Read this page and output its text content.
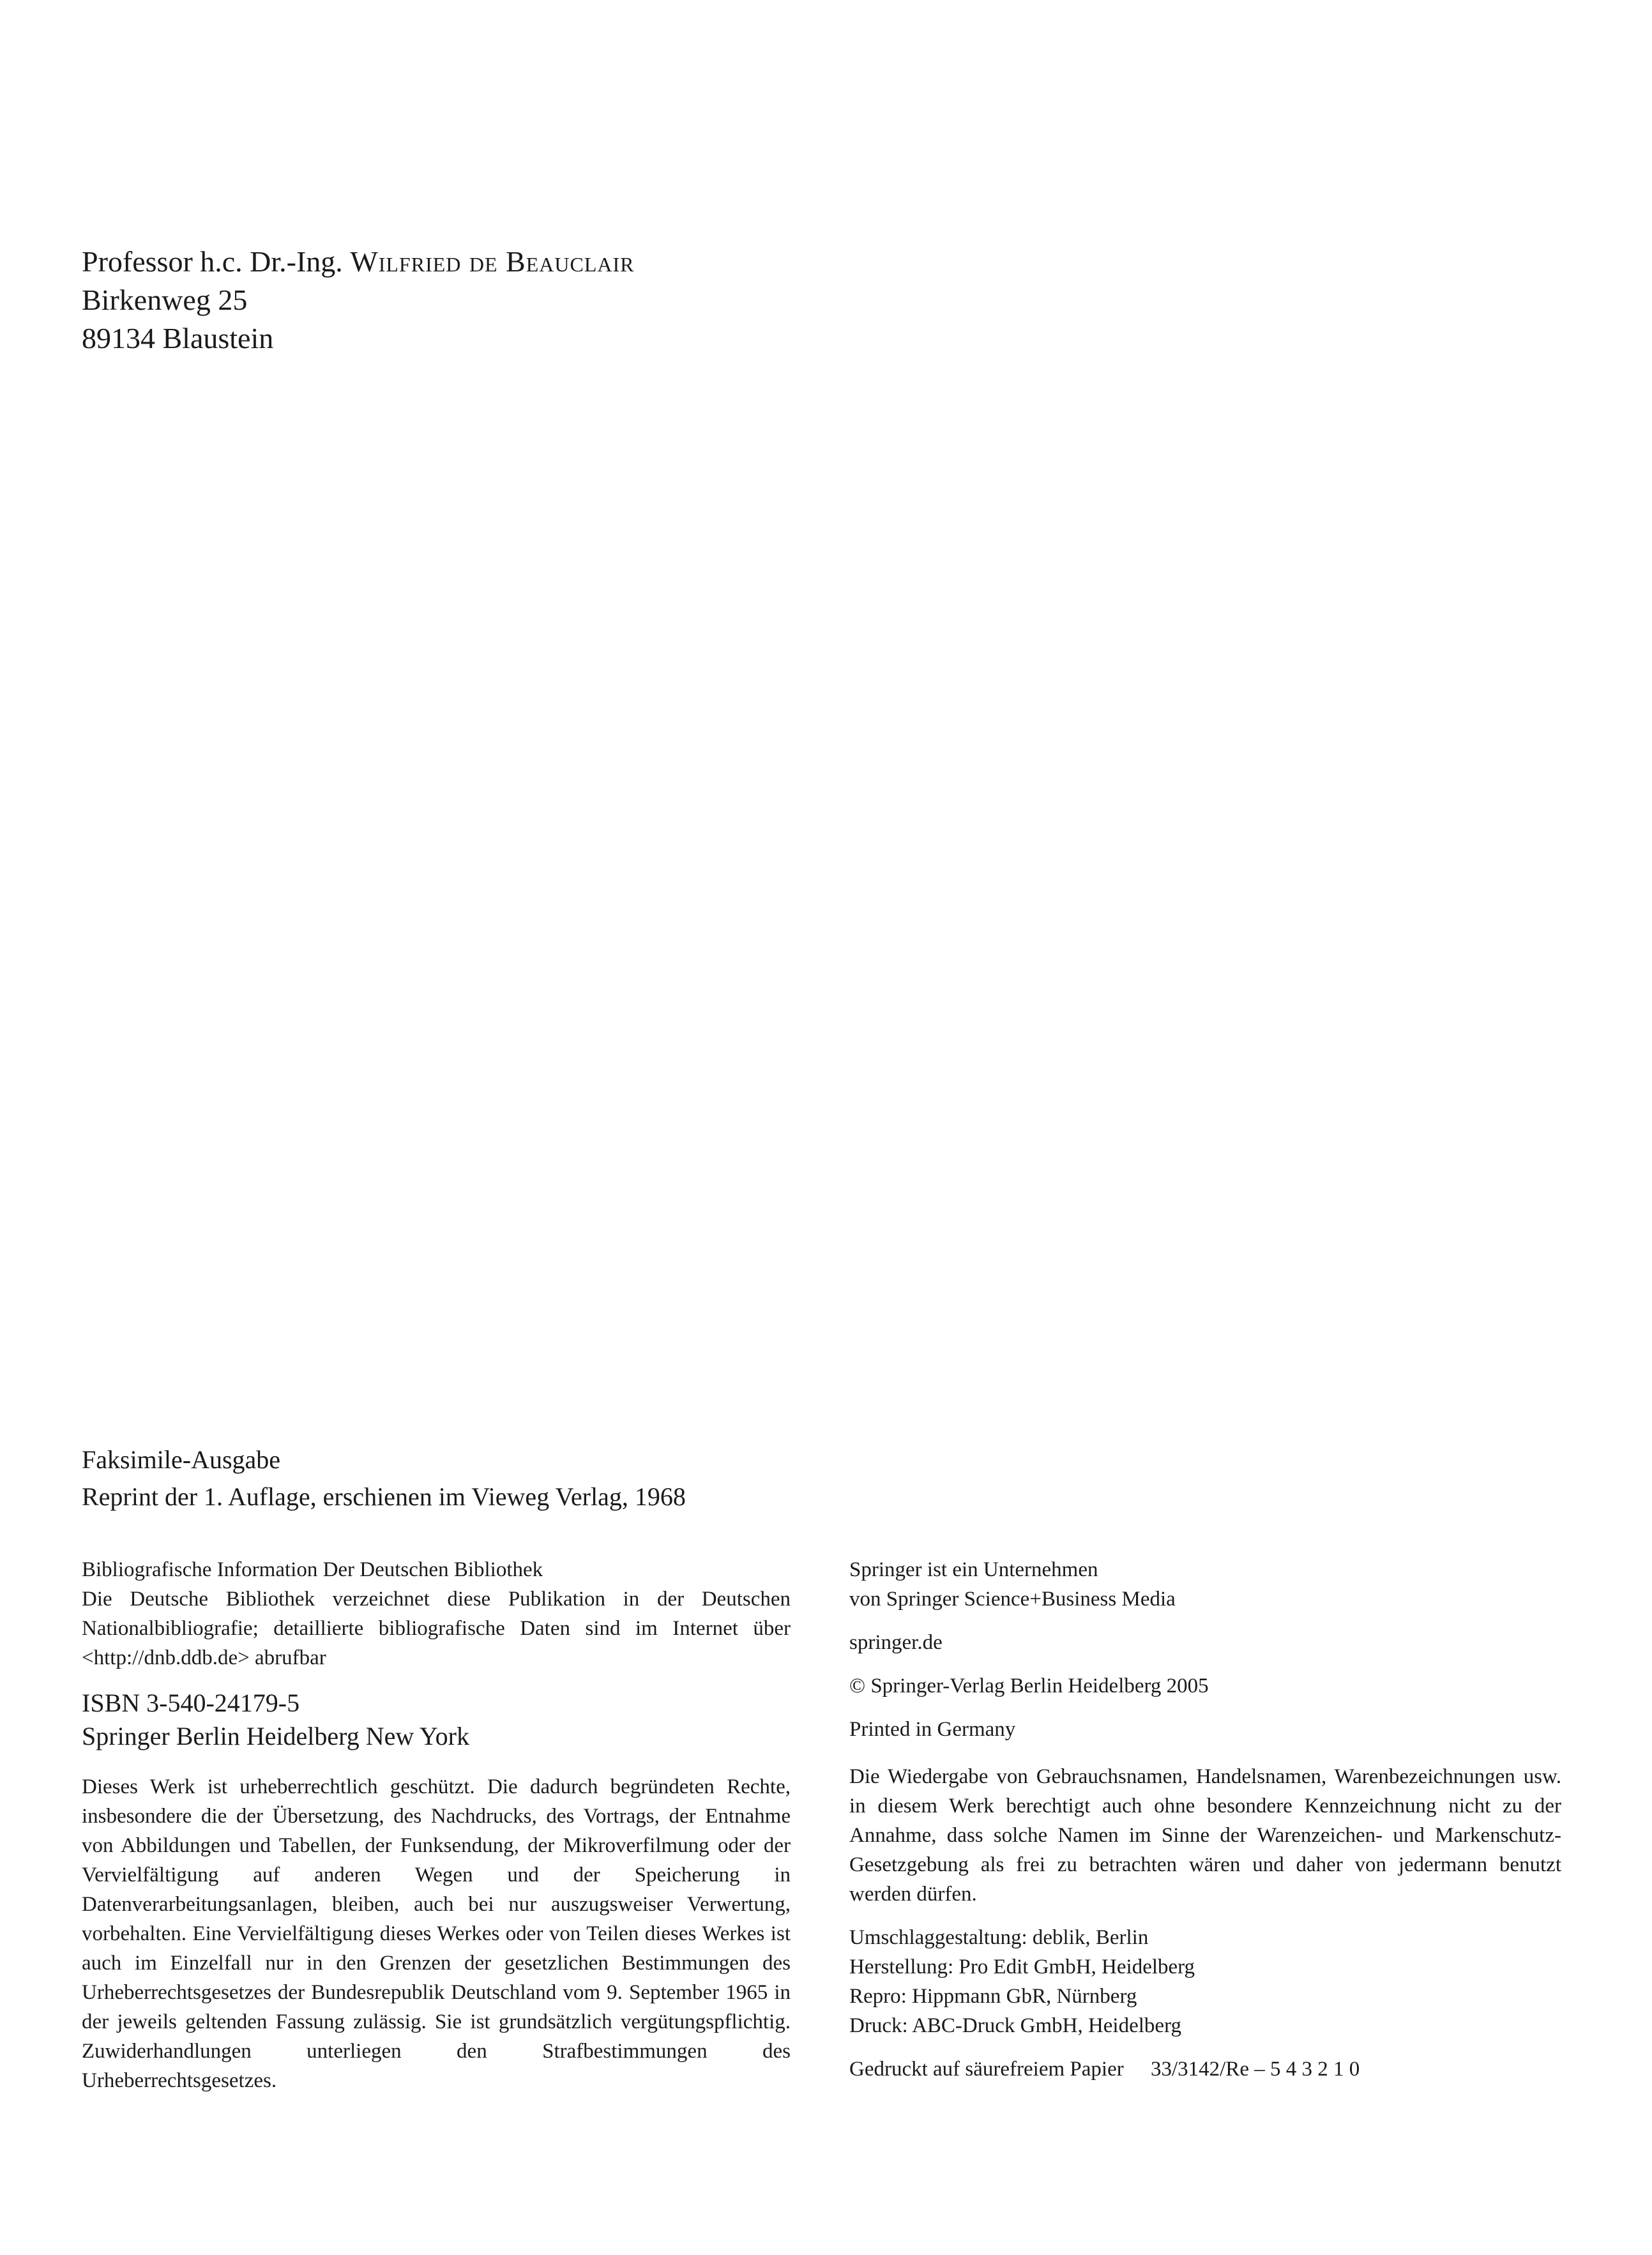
Professor h.c. Dr.-Ing. Wilfried de Beauclair
Birkenweg 25
89134 Blaustein
Faksimile-Ausgabe
Reprint der 1. Auflage, erschienen im Vieweg Verlag, 1968
Bibliografische Information Der Deutschen Bibliothek

Die Deutsche Bibliothek verzeichnet diese Publikation in der Deutschen Nationalbibliografie; detaillierte bibliografische Daten sind im Internet über <http://dnb.ddb.de> abrufbar

ISBN 3-540-24179-5
Springer Berlin Heidelberg New York

Dieses Werk ist urheberrechtlich geschützt. Die dadurch begründeten Rechte, insbesondere die der Übersetzung, des Nachdrucks, des Vortrags, der Entnahme von Abbildungen und Tabellen, der Funksendung, der Mikroverfilmung oder der Vervielfältigung auf anderen Wegen und der Speicherung in Datenverarbeitungsanlagen, bleiben, auch bei nur auszugsweiser Verwertung, vorbehalten. Eine Vervielfältigung dieses Werkes oder von Teilen dieses Werkes ist auch im Einzelfall nur in den Grenzen der gesetzlichen Bestimmungen des Urheberrechtsgesetzes der Bundesrepublik Deutschland vom 9. September 1965 in der jeweils geltenden Fassung zulässig. Sie ist grundsätzlich vergütungspflichtig. Zuwiderhandlungen unterliegen den Strafbestimmungen des Urheberrechtsgesetzes.

Springer ist ein Unternehmen
von Springer Science+Business Media
springer.de
© Springer-Verlag Berlin Heidelberg 2005
Printed in Germany

Die Wiedergabe von Gebrauchsnamen, Handelsnamen, Warenbezeichnungen usw. in diesem Werk berechtigt auch ohne besondere Kennzeichnung nicht zu der Annahme, dass solche Namen im Sinne der Warenzeichen- und Markenschutz-Gesetzgebung als frei zu betrachten wären und daher von jedermann benutzt werden dürfen.

Umschlaggestaltung: deblik, Berlin
Herstellung: Pro Edit GmbH, Heidelberg
Repro: Hippmann GbR, Nürnberg
Druck: ABC-Druck GmbH, Heidelberg
Gedruckt auf säurefreiem Papier 33/3142/Re – 5 4 3 2 1 0
